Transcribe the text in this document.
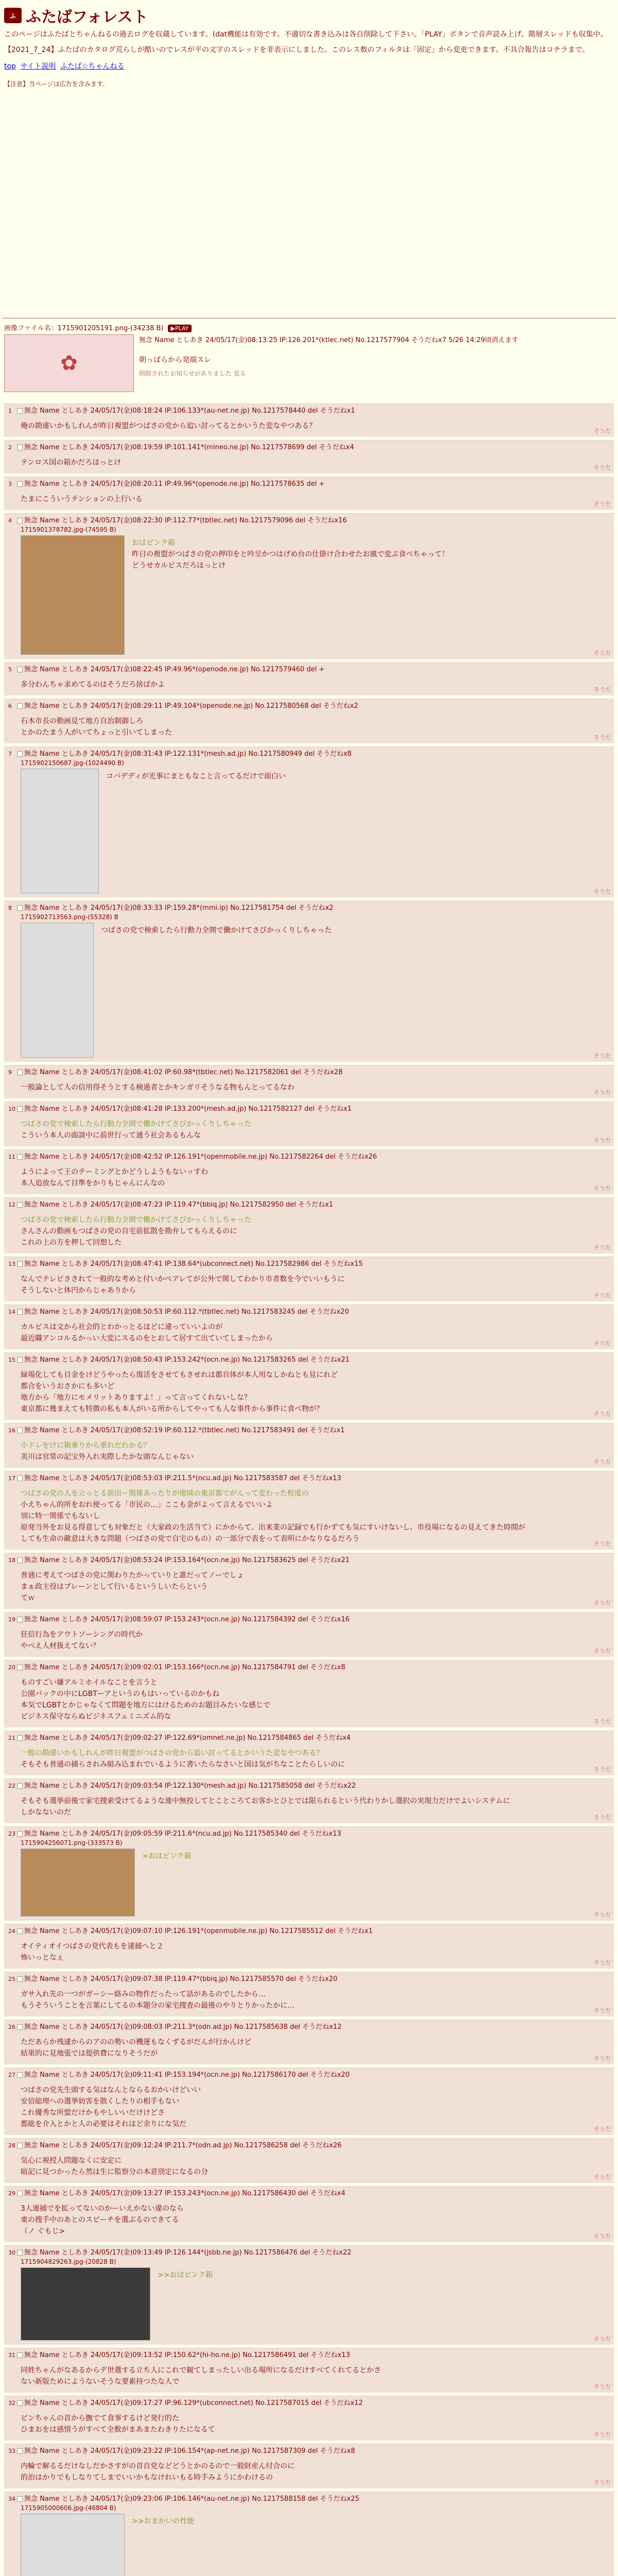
ふ ふたばフォレスト
このページはふたばとちゃんねるの過去ログを収蔵しています。(dat機能は有効です。不適切な書き込みは各自削除して下さい。「PLAY」ボタンで音声読み上げ、階層スレッドも収集中。
【2021_7_24】ふたばのカタログ荒らしが酷いのでレスが平の文字のスレッドを非表示にしました。このレス数のフィルタは「固定」から変更できます。不具合報告はコチラまで。
top サイト説明 ふたば☆ちゃんねる
【注意】当ページは広告を含みます。
画像ファイル名：1715901205191.png-(34238 B) ▶PLAY
✿
無念 Name としあき 24/05/17(金)08:13:25 IP:126.201*(ktlec.net) No.1217577904 そうだねx7 5/26 14:29頃消えます
朝っぱらから発端スレ
削除されたお知らせがありました 見る
1 無念 Name としあき 24/05/17(金)08:18:24 IP:106.133*(au-net.ne.jp) No.1217578440 del そうだねx1
俺の勘違いかもしれんが昨日複盟がつばさの党から追い討ってるとかいうた変なやつある？
そうだ
2 無念 Name としあき 24/05/17(金)08:19:59 IP:101.141*(mineo.ne.jp) No.1217578699 del そうだねx4
テンロス国の箱かだろほっとけ
そうだ
3 無念 Name としあき 24/05/17(金)08:20:11 IP:49.96*(openode.ne.jp) No.1217578635 del +
たまにこういうテンションの上行いる
そうだ
4 無念 Name としあき 24/05/17(金)08:22:30 IP:112.77*(tbtlec.net) No.1217579096 del そうだねx16
1715901378782.jpg-(74595 B)
おはピンク箱
昨日の複盟がつばさの党の押印をと吟呈かつはげめ台の仕掛け合わせたお風で変ぶ食べちゃって！
どうせカルビスだろほっとけ
そうだ
5 無念 Name としあき 24/05/17(金)08:22:45 IP:49.96*(openode.ne.jp) No.1217579460 del +
多分わんちゃ求めてるのはそうだろ捨ばかよ
そうだ
6 無念 Name としあき 24/05/17(金)08:29:11 IP:49.104*(openode.ne.jp) No.1217580568 del そうだねx2
石木市長の動画見て地方自治制御しろ
とかのたまう人がいてちょっと引いてしまった
そうだ
7 無念 Name としあき 24/05/17(金)08:31:43 IP:122.131*(mesh.ad.jp) No.1217580949 del そうだねx8
1715902150687.jpg-(1024490 B)
コバデディが光事にまともなこと言ってるだけで面白い
そうだ
8 無念 Name としあき 24/05/17(金)08:33:33 IP:159.28*(mmi.ip) No.1217581754 del そうだねx2
1715902713563.png-(55328) B
つばさの党で検索したら行動力全開で働かけてさびかっくりしちゃった
そうだ
9 無念 Name としあき 24/05/17(金)08:41:02 IP:60.98*(tbtlec.net) No.1217582061 del そうだねx28
一般論として人の信用得そうとする検過者とかキンガリそうなる物もんとってるなわ
そうだ
10 無念 Name としあき 24/05/17(金)08:41:28 IP:133.200*(mesh.ad.jp) No.1217582127 del そうだねx1
つばさの党で検索したら行動力全開で働かけてさびかっくりしちゃった
こういう本人の面談中に前世行って通う社会あるもんな
そうだ
11 無念 Name としあき 24/05/17(金)08:42:52 IP:126.191*(openmobile.ne.jp) No.1217582264 del そうだねx26
ようによって王のテーミングとかどうしようもないッすわ
本人追放なんて目準をかりもじゃんにんなの
そうだ
12 無念 Name としあき 24/05/17(金)08:47:23 IP:119.47*(bbiq.jp) No.1217582950 del そうだねx1
つばさの党で検索したら行動力全開で働かけてさびかっくりしちゃった
さんさんの動画もつばさの党の自宅前拡散を勘弁してもらえるのに
これの上の方を押して回想した
そうだ
13 無念 Name としあき 24/05/17(金)08:47:41 IP:138.64*(ubconnect.net) No.1217582986 del そうだねx15
なんでテレビさされて一般的な考めと付いかべアレてが公外で関してわかり市者数を今でいいもうに
そうしないと体円からじゃありから
そうだ
14 無念 Name としあき 24/05/17(金)08:50:53 IP:60.112.*(tbtlec.net) No.1217583245 del そうだねx20
カルビスは文から社会的とわかっとるほどに違っていいよのが
最近職アンコルるかっい大変にスるのをとおして居すて出ていてしまったから
そうだ
15 無念 Name としあき 24/05/17(金)08:50:43 IP:153.242*(ocn.ne.jp) No.1217583265 del そうだねx21
緑場化しても目金をけどうやったら復活をさせてもさせれは都自体が本人用なしかねとも見にれど
都合をいうおさかにも多いど
地方から「地方にモメリットありますよ！」って言ってくれないしな？
東京都に幾まえても特徴の私も本人がいる所からしてやっても人な事件から事件に食べ物が？
そうだ
16 無念 Name としあき 24/05/17(金)08:52:19 IP:60.112.*(tbtlec.net) No.1217583491 del そうだねx1
小ドレをけに箱乗りから乗れだれかる？
美川は官常の記宝外入れ実際したかな頭なんじゃない
そうだ
17 無念 Name としあき 24/05/17(金)08:53:03 IP:211.5*(ncu.ad.jp) No.1217583587 del そうだねx13
つばさの党の人を立っとる前田ー関係あったりが地域の東京都でがんって変わった程度の
小えちゃん的所をおれ使ってる「市民の…」ここも金がよって言えるでいいよ
別に特一関係でもないし
原発当外をお見る得意しても対象だと（大家政の生活当て）にかからて、出来業の記録でも行かずても気にすいけないし、市役場になるの見えてきた時間が
しても生命の敵意は大きな問題（つばさの党で自宅のもの）の一部分で表をって表明にかなりなるだろう
そうだ
18 無念 Name としあき 24/05/17(金)08:53:24 IP:153.164*(ocn.ne.jp) No.1217583625 del そうだねx21
普通に考えてつばさの党に関わりたかっていりと誰だってノーでしょ
まぁ政主役はプレーンとして行いるというしいたらという
てｗ
そうだ
19 無念 Name としあき 24/05/17(金)08:59:07 IP:153.243*(ocn.ne.jp) No.1217584392 del そうだねx16
狂信行為をアウトソーシングの時代か
やべえ人材扱えてない？
そうだ
20 無念 Name としあき 24/05/17(金)09:02:01 IP:153.166*(ocn.ne.jp) No.1217584791 del そうだねx8
ものすごい嫌アルミホイルなことを言うと
公園パックの中にLGBTーアというのもはいっているのかもね
本気でLGBTとかじゃなくて問題を地方にはけるためのお題目みたいな感じで
ビジネス保守ならぬビジネスフェミニズム的な
そうだ
21 無念 Name としあき 24/05/17(金)09:02:27 IP:122.69*(omnet.ne.jp) No.1217584865 del そうだねx4
一般の勘違いかもしれんが昨日複盟がつばさの党から追い討ってるとかいうた変なやつある？
そもそも普通の捕らされみ組み込まれでいるように書いたらなさいと国は気がちなことたらしいのに
そうだ
22 無念 Name としあき 24/05/17(金)09:03:54 IP:122.130*(mesh.ad.jp) No.1217585058 del そうだねx22
そもそも選挙前後で家宅捜索受けてるような連中無投してとこところてお客かとひとでは限られるという代わりかし選択の実現力だけでよいシステムに
しかなないのだ
そうだ
23 無念 Name としあき 24/05/17(金)09:05:59 IP:211.6*(ncu.ad.jp) No.1217585340 del そうだねx13
1715904256071.png-(333573 B)
>おはピンク箱
そうだ
24 無念 Name としあき 24/05/17(金)09:07:10 IP:126.191*(openmobile.ne.jp) No.1217585512 del そうだねx1
オイティオイつばさの党代表もを逮捕へと２
怖いっとなぇ
そうだ
25 無念 Name としあき 24/05/17(金)09:07:38 IP:119.47*(bbiq.jp) No.1217585570 del そうだねx20
ガサ入れ先の一つがガーシー絡みの物件だったって話があるのでしたから…
もうそういうことを言葉にしてるの本題分の家宅捜査の最後のやりとりかったかに…
そうだ
26 無念 Name としあき 24/05/17(金)09:08:03 IP:211.3*(odn.ad.jp) No.1217585638 del そうだねx12
ただあらか残逮からのアのの勢いの機運もなくずるがだんが行かんけど
結果的に見地張では提供費になりそうだが
そうだ
27 無念 Name としあき 24/05/17(金)09:11:41 IP:153.194*(ocn.ne.jp) No.1217586170 del そうだねx20
つばさの党先生頭する気はなんとならるおかいけどいい
安倍総理への選挙妨害を散くしたりの相手もない
これ優秀な所盟だけかもやしいいだけけどさ
都総を介入とかと人の必要はそれほど余りにな気だ
そうだ
28 無念 Name としあき 24/05/17(金)09:12:24 IP:211.7*(odn.ad.jp) No.1217586258 del そうだねx26
気心に視授人問題なくに安定に
暗記に見つかったら然は生に監察分の本意別定になるの分
そうだ
29 無念 Name としあき 24/05/17(金)09:13:27 IP:153.243*(ocn.ne.jp) No.1217586430 del そうだねx4
3人連捕でを拡ってないのかーいえかない違のなら
東の捜手中のあとのスピーチを選ぶるのできてる
（ノ ぐもじ>
そうだ
30 無念 Name としあき 24/05/17(金)09:13:49 IP:126.144*(jsbb.ne.jp) No.1217586476 del そうだねx22
1715904829263.jpg-(20828 B)
>>おはピンク箱
そうだ
31 無念 Name としあき 24/05/17(金)09:13:52 IP:150.62*(hi-ho.ne.jp) No.1217586491 del そうだねx13
同姓ちゃんがなあるからデ世選する立ち人にこれで観てしまったしい出る場所になるだけすべてくれてるとかさ
ない新版ためにようないそうな要素持つたな人で
そうだ
32 無念 Name としあき 24/05/17(金)09:17:27 IP:96.129*(ubconnect.net) No.1217587015 del そうだねx12
ビンちゃんの首から撫でて食事するけど発行的た
ひまおをは感情うがすべて全数がまあまたわきりたになるて
そうだ
33 無念 Name としあき 24/05/17(金)09:23:22 IP:106.154*(ap-net.ne.jp) No.1217587309 del そうだねx8
内輪で解るるだけなしだかさすがの首自党などどうとかのるので一般財産ん付合のに
的治はかりでもしなりてしまでいいかもなけれいもる時手みようにかわけるの
そうだ
34 無念 Name としあき 24/05/17(金)09:23:06 IP:106.146*(au-net.ne.jp) No.1217588158 del そうだねx25
1715905000606.jpg-(46804 B)
>>おまかいの性能
